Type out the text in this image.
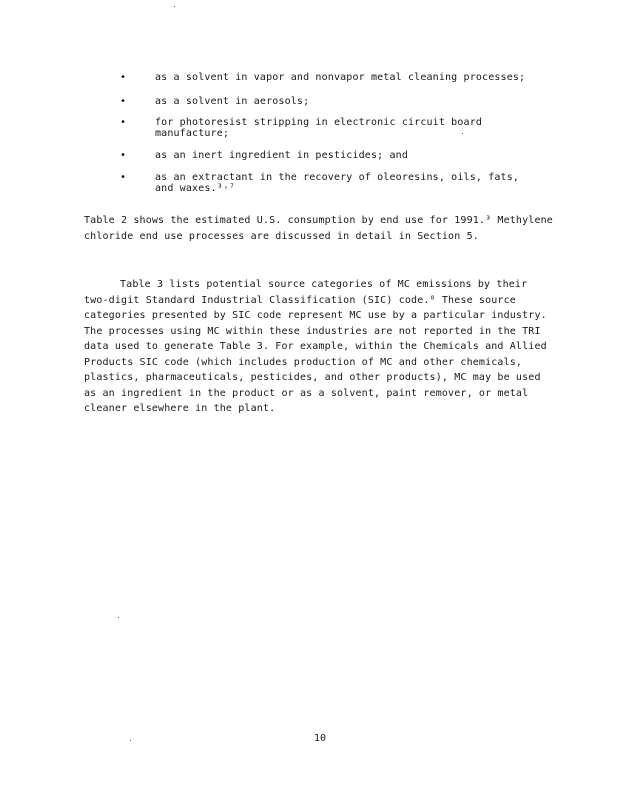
•	as a solvent in vapor and nonvapor metal cleaning processes;
•	as a solvent in aerosols;
•	for photoresist stripping in electronic circuit board
manufacture;
•	as an inert ingredient in pesticides; and
•	as an extractant in the recovery of oleoresins, oils, fats,
and waxes.³˒⁷

Table 2 shows the estimated U.S. consumption by end use for 1991.³ Methylene chloride end use processes are discussed in detail in Section 5.

Table 3 lists potential source categories of MC emissions by their two-digit Standard Industrial Classification (SIC) code.⁸ These source categories presented by SIC code represent MC use by a particular industry. The processes using MC within these industries are not reported in the TRI data used to generate Table 3. For example, within the Chemicals and Allied Products SIC code (which includes production of MC and other chemicals, plastics, pharmaceuticals, pesticides, and other products), MC may be used as an ingredient in the product or as a solvent, paint remover, or metal cleaner elsewhere in the plant.

10
